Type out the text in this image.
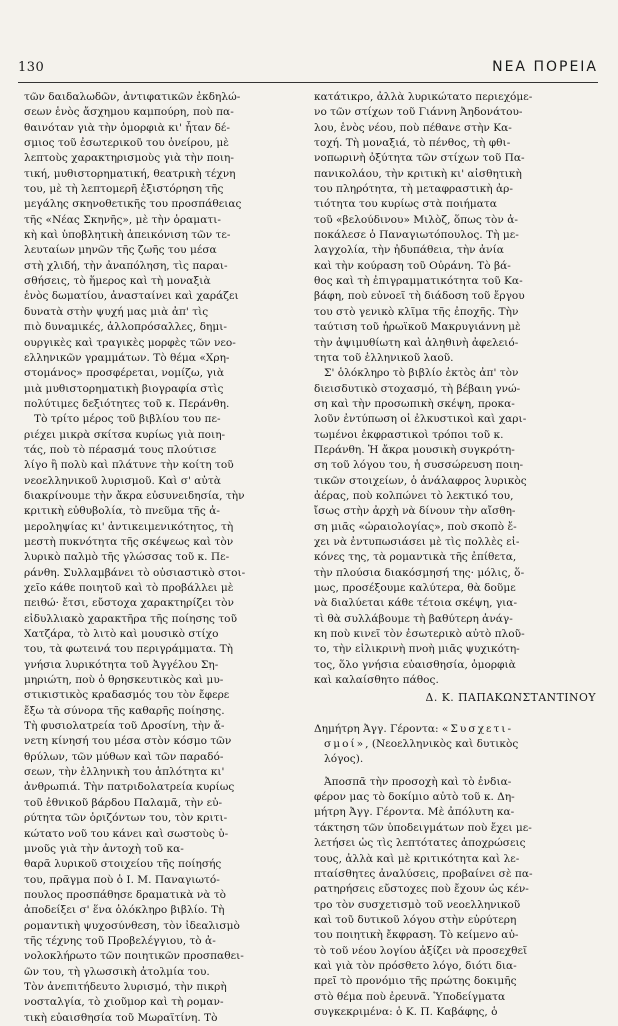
130	ΝΕΑ ΠΟΡΕΙΑ
τῶν δαιδαλωδῶν, ἀντιφατικῶν ἐκδηλώ-
σεων ἑνὸς ἄσχημου καμπούρη, ποὺ πα-
θαινόταν γιὰ τὴν ὀμορφιὰ κι' ἦταν δέ-
σμιος τοῦ ἐσωτερικοῦ του ὀνείρου, μὲ
λεπτοὺς χαρακτηρισμοὺς γιὰ τὴν ποιη-
τική, μυθιστορηματική, θεατρικὴ τέχνη
του, μὲ τὴ λεπτομερῆ ἐξιστόρηση τῆς
μεγάλης σκηνοθετικῆς του προσπάθειας
τῆς «Νέας Σκηνῆς», μὲ τὴν ὁραματι-
κὴ καὶ ὑποβλητικὴ ἀπεικόνιση τῶν τε-
λευταίων μηνῶν τῆς ζωῆς του μέσα
στὴ χλιδή, τὴν ἀναπόληση, τὶς παραι-
σθήσεις, τὸ ἥμερος καὶ τὴ μοναξιὰ
ἑνὸς δωματίου, ἀνασταίνει καὶ χαράζει
δυνατὰ στὴν ψυχή μας μιὰ ἀπ' τὶς
πιὸ δυναμικές, ἀλλοπρόσαλλες, δημι-
ουργικὲς καὶ τραγικὲς μορφὲς τῶν νεο-
ελληνικῶν γραμμάτων. Τὸ θέμα «Χρη-
στομάνος» προσφέρεται, νομίζω, γιὰ
μιὰ μυθιστορηματικὴ βιογραφία στὶς
πολύτιμες δεξιότητες τοῦ κ. Περάνθη.
Τὸ τρίτο μέρος τοῦ βιβλίου του πε-
ριέχει μικρὰ σκίτσα κυρίως γιὰ ποιη-
τάς, ποὺ τὸ πέρασμά τους πλούτισε
λίγο ἢ πολὺ καὶ πλάτυνε τὴν κοίτη τοῦ
νεοελληνικοῦ λυρισμοῦ. Καὶ σ' αὐτὰ
διακρίνουμε τὴν ἄκρα εὐσυνειδησία, τὴν
κριτικὴ εὐθυβολία, τὸ πνεῦμα τῆς ἀ-
μεροληψίας κι' ἀντικειμενικότητος, τὴ
μεστὴ πυκνότητα τῆς σκέψεως καὶ τὸν
λυρικὸ παλμὸ τῆς γλώσσας τοῦ κ. Πε-
ράνθη. Συλλαμβάνει τὸ οὐσιαστικὸ στοι-
χεῖο κάθε ποιητοῦ καὶ τὸ προβάλλει μὲ
πειθώ· ἔτσι, εὔστοχα χαρακτηρίζει τὸν
εἰδυλλιακὸ χαρακτῆρα τῆς ποίησης τοῦ
Χατζάρα, τὸ λιτὸ καὶ μουσικὸ στίχο
του, τὰ φωτεινά του περιγράμματα. Τὴ
γνήσια λυρικότητα τοῦ Ἀγγέλου Ση-
μηριώτη, ποὺ ὁ θρησκευτικὸς καὶ μυ-
στικιστικὸς κραδασμός του τὸν ἔφερε
ἔξω τὰ σύνορα τῆς καθαρῆς ποίησης.
Τὴ φυσιολατρεία τοῦ Δροσίνη, τὴν ἄ-
νετη κίνησή του μέσα στὸν κόσμο τῶν
θρύλων, τῶν μύθων καὶ τῶν παραδό-
σεων, τὴν ἑλληνικὴ του ἁπλότητα κι'
ἀνθρωπιά. Τὴν πατριδολατρεία κυρίως
τοῦ ἐθνικοῦ βάρδου Παλαμᾶ, τὴν εὐ-
ρύτητα τῶν ὁριζόντων του, τὸν κριτι-
κώτατο νοῦ του κάνει καὶ σωστοὺς ὑ-
μνοῦς γιὰ τὴν ἀντοχὴ τοῦ κα-
θαρᾶ λυρικοῦ στοιχείου τῆς ποίησής
του, πρᾶγμα ποὺ ὁ Ι. Μ. Παναγιωτό-
πουλος προσπάθησε δραματικὰ νὰ τὸ
ἀποδείξει σ' ἕνα ὁλόκληρο βιβλίο. Τὴ
ρομαντικὴ ψυχοσύνθεση, τὸν ἰδεαλισμὸ
τῆς τέχνης τοῦ Προβελέγγιου, τὸ ἀ-
νολοκλήρωτο τῶν ποιητικῶν προσπαθει-
ῶν του, τὴ γλωσσικὴ ἀτολμία του.
Τὸν ἀνεπιτήδευτο λυρισμό, τὴν πικρὴ
νοσταλγία, τὸ χιοῦμορ καὶ τὴ ρομαν-
τικὴ εὐαισθησία τοῦ Μωραϊτίνη. Τὸ
κατάτικρο, ἀλλὰ λυρικώτατο περιεχόμε-
νο τῶν στίχων τοῦ Γιάννη Ἀηδονάτου-
λου, ἑνὸς νέου, ποὺ πέθανε στὴν Κα-
τοχή. Τὴ μοναξιά, τὸ πένθος, τὴ φθι-
νοπωρινὴ ὀξύτητα τῶν στίχων τοῦ Πα-
πανικολάου, τὴν κριτικὴ κι' αἰσθητικὴ
του πληρότητα, τὴ μεταφραστικὴ ἀρ-
τιότητα του κυρίως στὰ ποιήματα
τοῦ «βελούδινου» Μιλὸζ, ὅπως τὸν ἀ-
ποκάλεσε ὁ Παναγιωτόπουλος. Τὴ με-
λαγχολία, τὴν ἠδυπάθεια, τὴν ἀνία
καὶ τὴν κούραση τοῦ Οὐράνη. Τὸ βά-
θος καὶ τὴ ἐπιγραμματικότητα τοῦ Κα-
βάφη, ποὺ εὐνοεῖ τὴ διάδοση τοῦ ἔργου
του στὸ γενικὸ κλῖμα τῆς ἐποχῆς. Τὴν
ταύτιση τοῦ ἡρωϊκοῦ Μακρυγιάννη μὲ
τὴν ἀψιμυθίωτη καὶ ἀληθινὴ ἀφελειό-
τητα τοῦ ἑλληνικοῦ λαοῦ.
Σ' ὁλόκληρο τὸ βιβλίο ἐκτὸς ἀπ' τὸν
διεισδυτικὸ στοχασμό, τὴ βέβαιη γνώ-
ση καὶ τὴν προσωπικὴ σκέψη, προκα-
λοῦν ἐντύπωση οἱ ἐλκυστικοὶ καὶ χαρι-
τωμένοι ἐκφραστικοὶ τρόποι τοῦ κ.
Περάνθη. Ἡ ἄκρα μουσικὴ συγκρότη-
ση τοῦ λόγου του, ἡ συσσώρευση ποιη-
τικῶν στοιχείων, ὁ ἀνάλαφρος λυρικὸς
ἀέρας, ποὺ κολπώνει τὸ λεκτικό του,
ἴσως στὴν ἀρχὴ νὰ δίνουν τὴν αἴσθη-
ση μιᾶς «ὡραιολογίας», ποὺ σκοπὸ ἔ-
χει νὰ ἐντυπωσιάσει μὲ τὶς πολλὲς εἰ-
κόνες της, τὰ ρομαντικὰ τῆς ἐπίθετα,
τὴν πλούσια διακόσμησή της· μόλις, ὅ-
μως, προσέξουμε καλύτερα, θὰ δοῦμε
νὰ διαλύεται κάθε τέτοια σκέψη, για-
τὶ θὰ συλλάβουμε τὴ βαθύτερη ἀνάγ-
κη ποὺ κινεῖ τὸν ἐσωτερικὸ αὐτὸ πλοῦ-
το, τὴν εἰλικρινὴ πνοὴ μιᾶς ψυχικότη-
τος, ὅλο γνήσια εὐαισθησία, ὀμορφιὰ
καὶ καλαίσθητο πάθος.
Δ. Κ. ΠΑΠΑΚΩΝΣΤΑΝΤΙΝΟΥ
Δημήτρη Ἀγγ. Γέροντα: «Συσχετι-
σμοί», (Νεοελληνικὸς καὶ δυτικὸς
λόγος).
Ἀποσπᾶ τὴν προσοχὴ καὶ τὸ ἐνδια-
φέρον μας τὸ δοκίμιο αὐτὸ τοῦ κ. Δη-
μήτρη Ἀγγ. Γέροντα. Μὲ ἀπόλυτη κα-
τάκτηση τῶν ὑποδειγμάτων ποὺ ἔχει με-
λετήσει ὡς τὶς λεπτότατες ἀποχρώσεις
τους, ἀλλὰ καὶ μὲ κριτικότητα καὶ λε-
πταίσθητες ἀναλύσεις, προβαίνει σὲ πα-
ρατηρήσεις εὔστοχες ποὺ ἔχουν ὡς κέν-
τρο τὸν συσχετισμὸ τοῦ νεοελληνικοῦ
καὶ τοῦ δυτικοῦ λόγου στὴν εὐρύτερη
του ποιητικὴ ἔκφραση. Τὸ κείμενο αὐ-
τὸ τοῦ νέου λογίου ἀξίζει νὰ προσεχθεῖ
καὶ γιὰ τὸν πρόσθετο λόγο, διότι δια-
πρεῖ τὸ προνόμιο τῆς πρώτης δοκιμῆς
στὸ θέμα ποὺ ἐρευνᾶ. Ὑποδείγματα
συγκεκριμένα: ὁ Κ. Π. Καβάφης, ὁ
